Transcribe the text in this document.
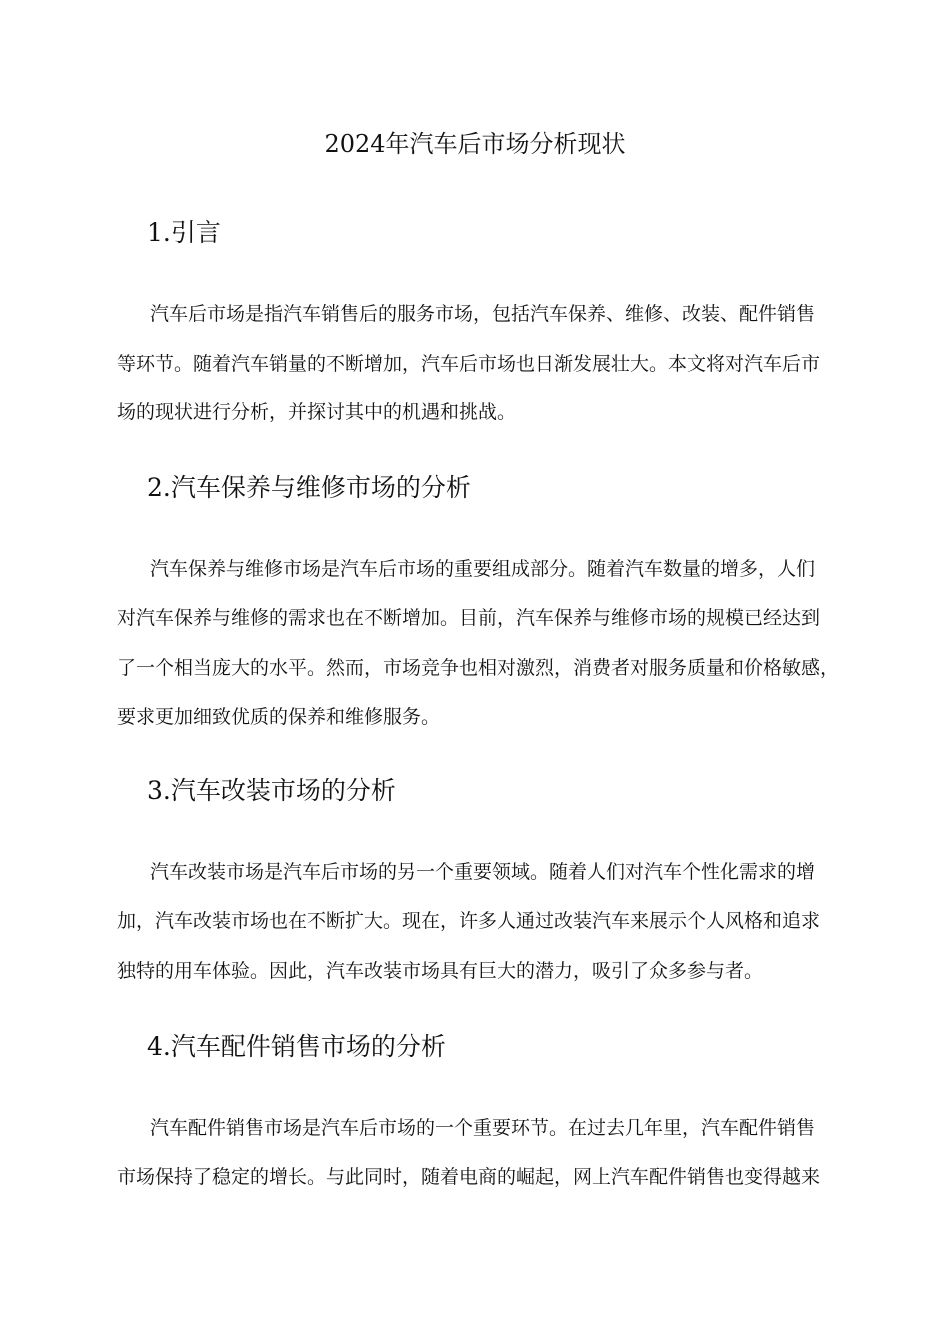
2024年汽车后市场分析现状
1.引言

汽车后市场是指汽车销售后的服务市场，包括汽车保养、维修、改装、配件销售

等环节。随着汽车销量的不断增加，汽车后市场也日渐发展壮大。本文将对汽车后市

场的现状进行分析，并探讨其中的机遇和挑战。

2.汽车保养与维修市场的分析

汽车保养与维修市场是汽车后市场的重要组成部分。随着汽车数量的增多，人们

对汽车保养与维修的需求也在不断增加。目前，汽车保养与维修市场的规模已经达到

了一个相当庞大的水平。然而，市场竞争也相对激烈，消费者对服务质量和价格敏感，

要求更加细致优质的保养和维修服务。

3.汽车改装市场的分析

汽车改装市场是汽车后市场的另一个重要领域。随着人们对汽车个性化需求的增

加，汽车改装市场也在不断扩大。现在，许多人通过改装汽车来展示个人风格和追求

独特的用车体验。因此，汽车改装市场具有巨大的潜力，吸引了众多参与者。

4.汽车配件销售市场的分析

汽车配件销售市场是汽车后市场的一个重要环节。在过去几年里，汽车配件销售

市场保持了稳定的增长。与此同时，随着电商的崛起，网上汽车配件销售也变得越来
